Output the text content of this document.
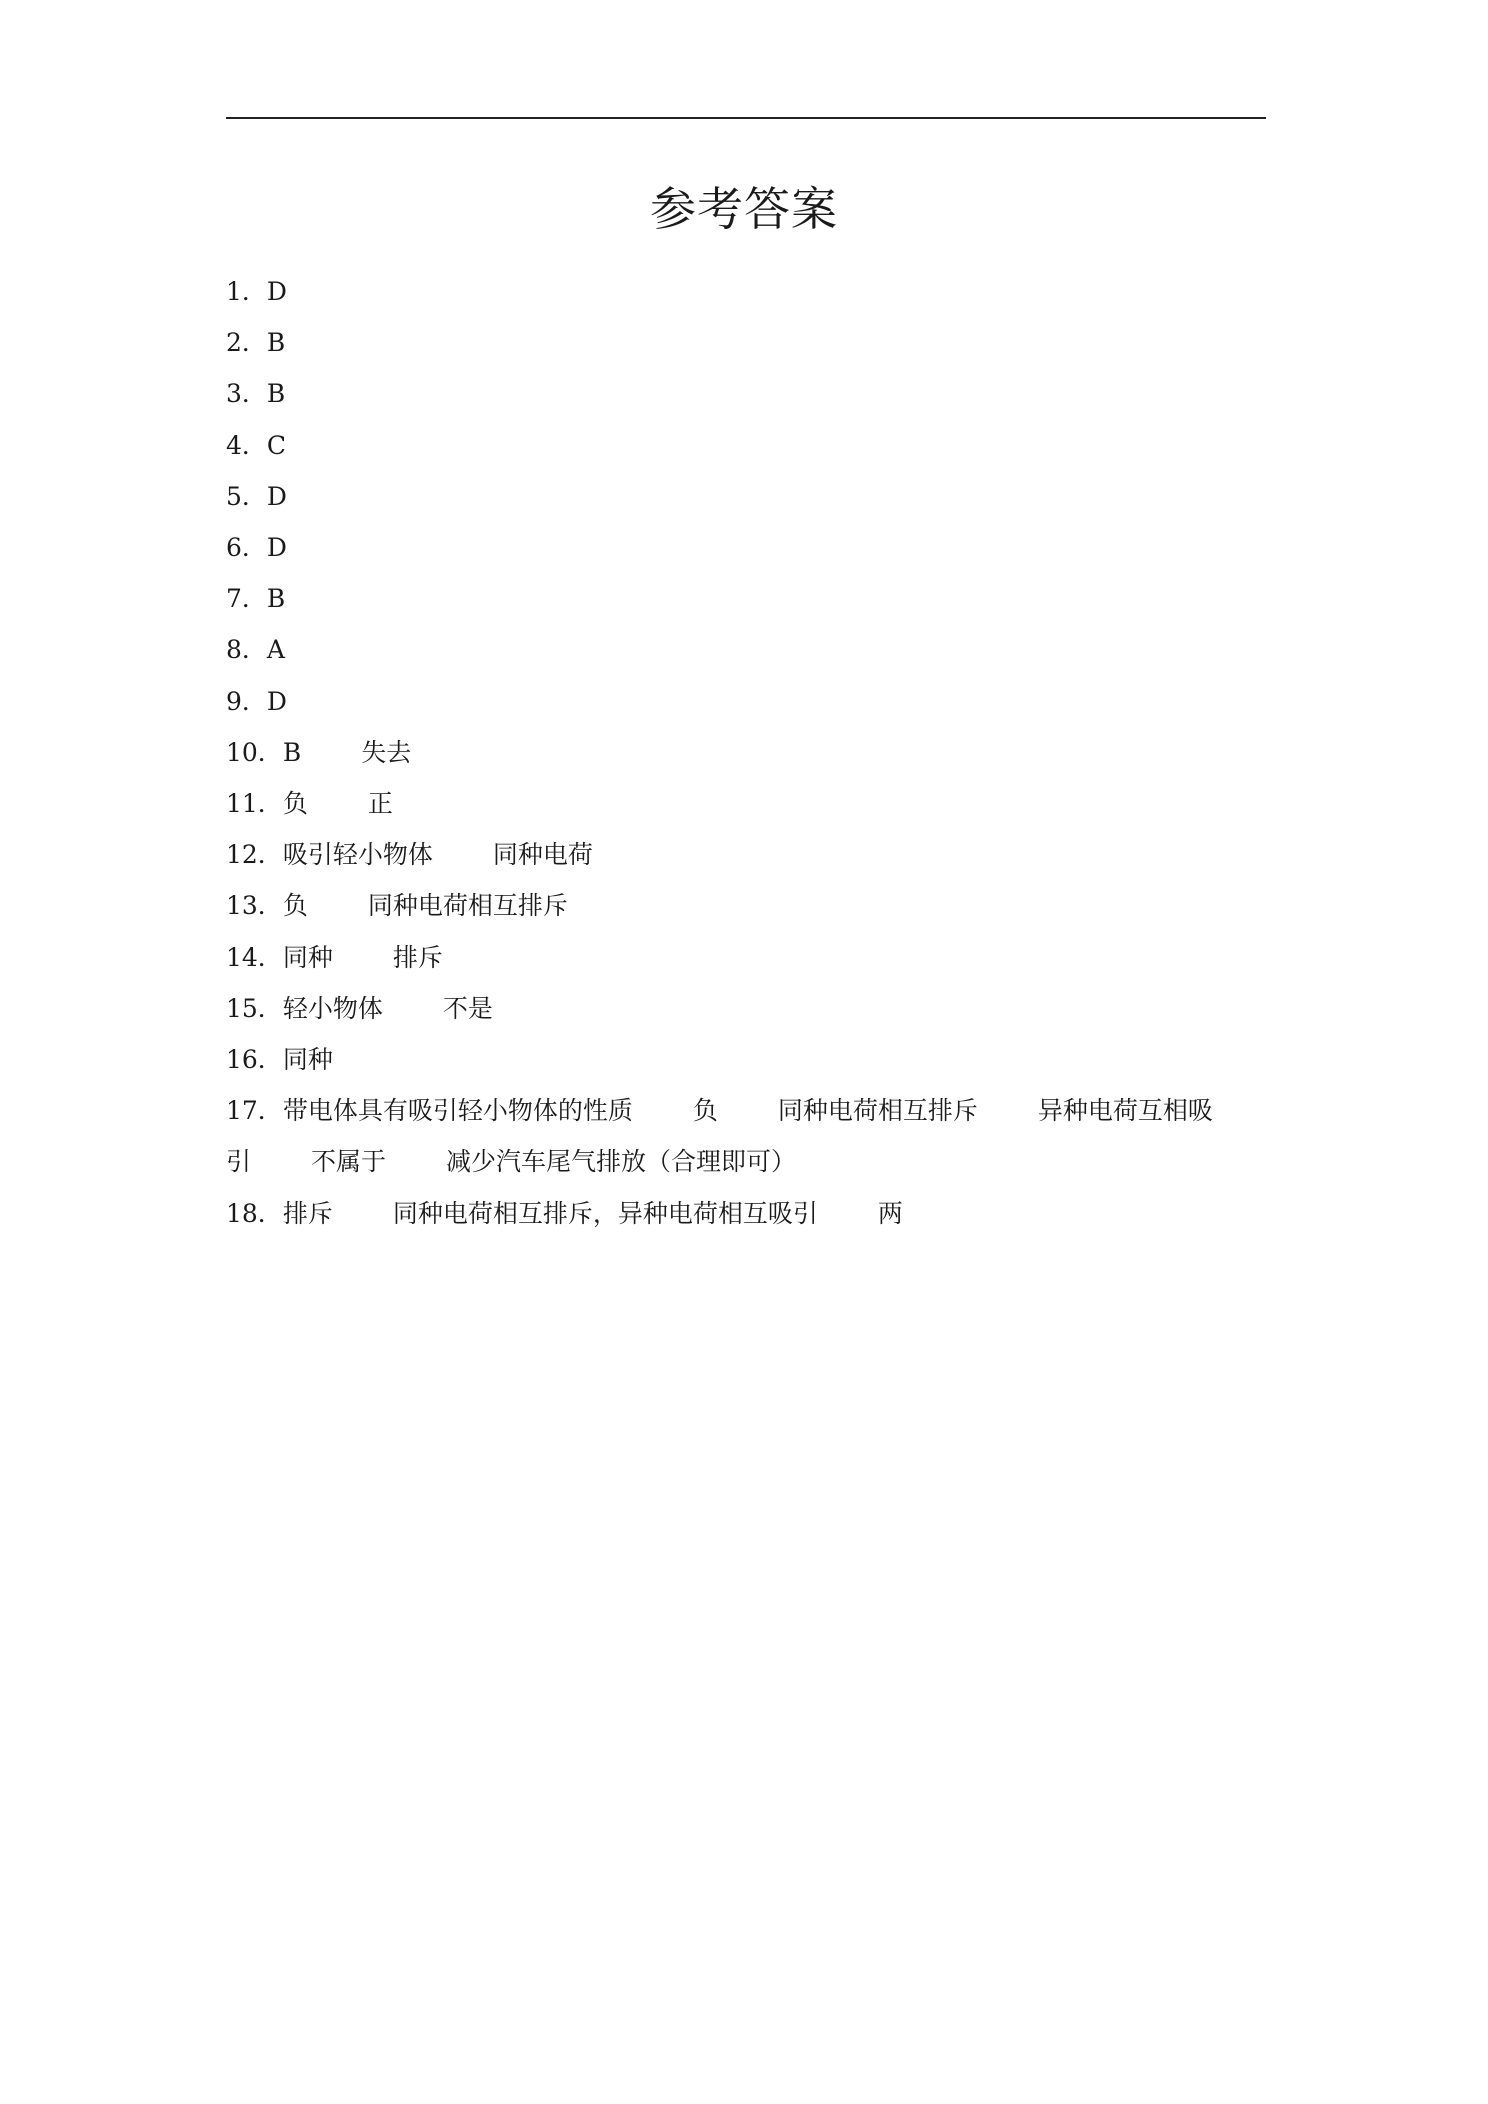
参考答案
1．D
2．B
3．B
4．C
5．D
6．D
7．B
8．A
9．D
10．B 失去
11．负 正
12．吸引轻小物体 同种电荷
13．负 同种电荷相互排斥
14．同种 排斥
15．轻小物体 不是
16．同种
17．带电体具有吸引轻小物体的性质 负 同种电荷相互排斥 异种电荷互相吸
引 不属于 减少汽车尾气排放（合理即可）
18．排斥 同种电荷相互排斥，异种电荷相互吸引 两
